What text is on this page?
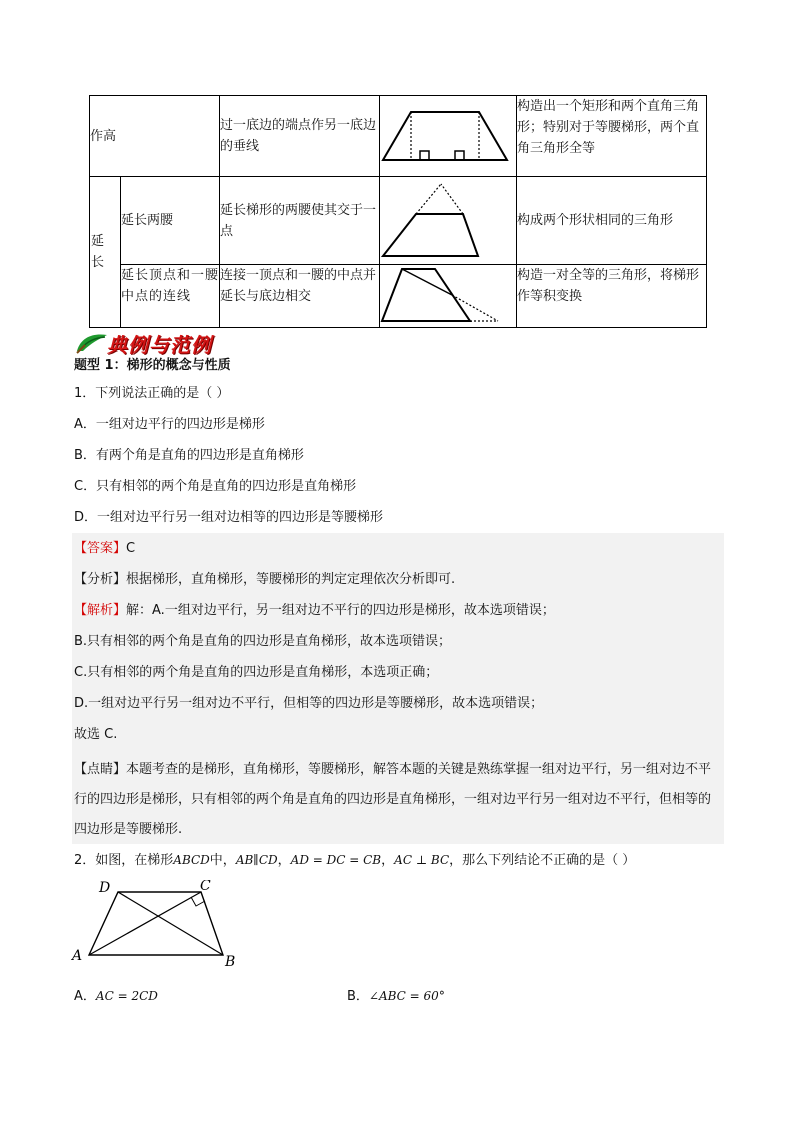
作高		过一底边的端点作另一底边的垂线		构造出一个矩形和两个直角三角形；特别对于等腰梯形，两个直角三角形全等

延
长	延长两腰	延长梯形的两腰使其交于一点		构成两个形状相同的三角形
	延长顶点和一腰中点的连线	连接一顶点和一腰的中点并延长与底边相交		构造一对全等的三角形，将梯形作等积变换
典例与范例
题型 1：梯形的概念与性质
1．下列说法正确的是（ ）
A．一组对边平行的四边形是梯形
B．有两个角是直角的四边形是直角梯形
C．只有相邻的两个角是直角的四边形是直角梯形
D．一组对边平行另一组对边相等的四边形是等腰梯形
【答案】C
【分析】根据梯形，直角梯形，等腰梯形的判定定理依次分析即可.
【解析】解：A.一组对边平行，另一组对边不平行的四边形是梯形，故本选项错误；
B.只有相邻的两个角是直角的四边形是直角梯形，故本选项错误；
C.只有相邻的两个角是直角的四边形是直角梯形，本选项正确；
D.一组对边平行另一组对边不平行，但相等的四边形是等腰梯形，故本选项错误；
故选 C.
【点睛】本题考查的是梯形，直角梯形，等腰梯形，解答本题的关键是熟练掌握一组对边平行，另一组对边不平行的四边形是梯形，只有相邻的两个角是直角的四边形是直角梯形，一组对边平行另一组对边不平行，但相等的四边形是等腰梯形.
2．如图，在梯形ABCD中，AB∥CD，AD = DC = CB，AC ⊥ BC，那么下列结论不正确的是（ ）
D	C
A	B
A．AC = 2CD	B．∠ABC = 60°
